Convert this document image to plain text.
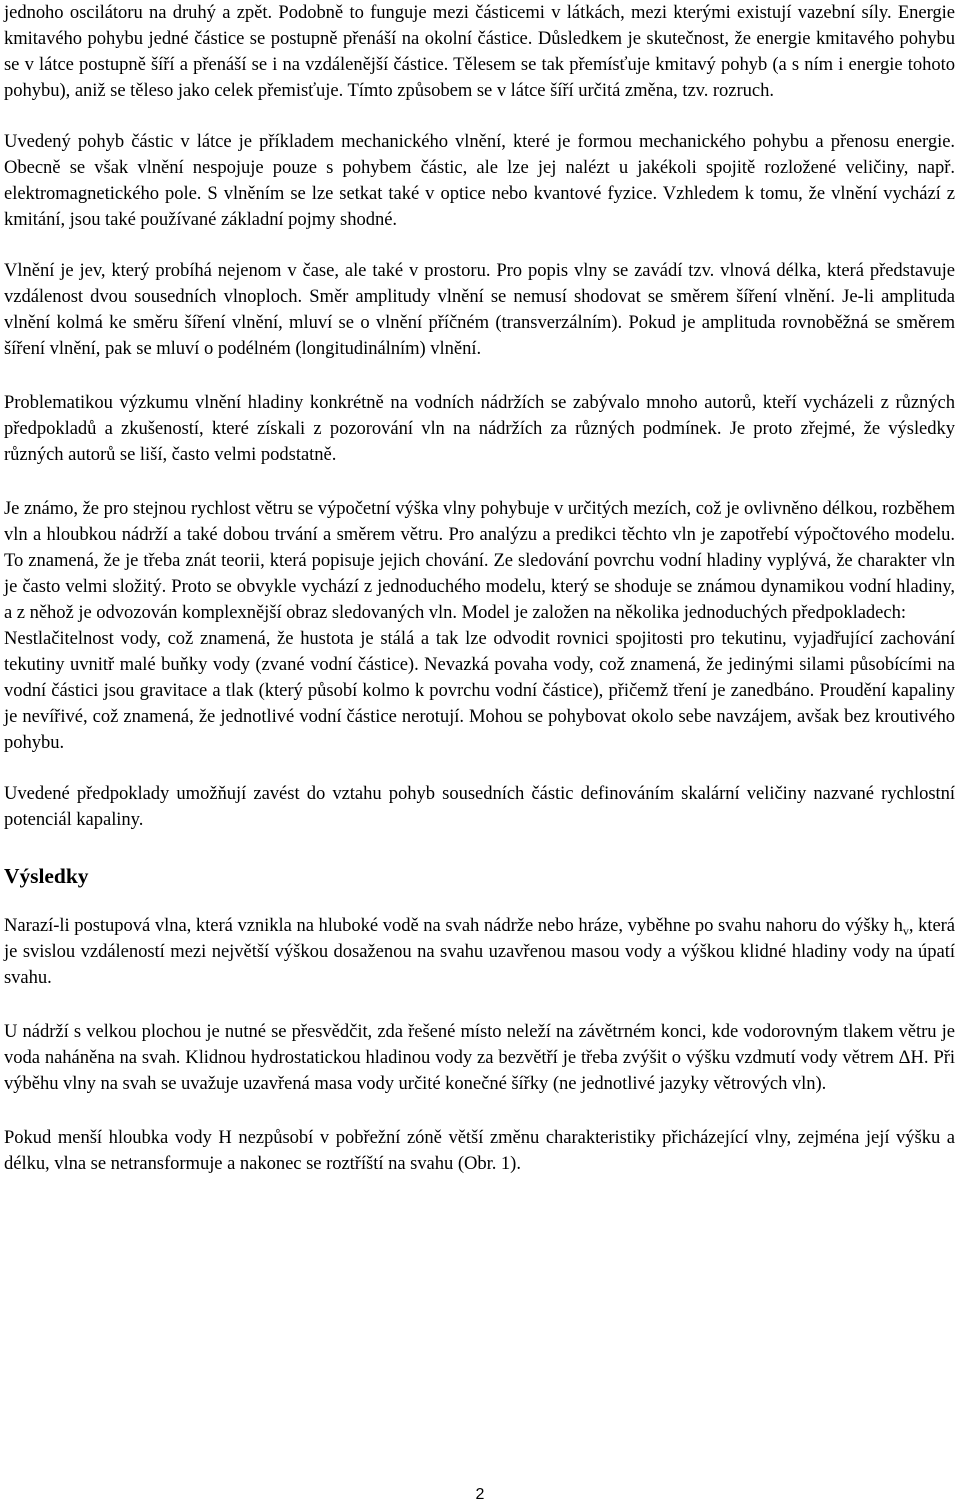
jednoho oscilátoru na druhý a zpět. Podobně to funguje mezi částicemi v látkách, mezi kterými existují vazební síly. Energie kmitavého pohybu jedné částice se postupně přenáší na okolní částice. Důsledkem je skutečnost, že energie kmitavého pohybu se v látce postupně šíří a přenáší se i na vzdálenější částice. Tělesem se tak přemísťuje kmitavý pohyb (a s ním i energie tohoto pohybu), aniž se těleso jako celek přemisťuje. Tímto způsobem se v látce šíří určitá změna, tzv. rozruch.

Uvedený pohyb částic v látce je příkladem mechanického vlnění, které je formou mechanického pohybu a přenosu energie. Obecně se však vlnění nespojuje pouze s pohybem částic, ale lze jej nalézt u jakékoli spojitě rozložené veličiny, např. elektromagnetického pole. S vlněním se lze setkat také v optice nebo kvantové fyzice. Vzhledem k tomu, že vlnění vychází z kmitání, jsou také používané základní pojmy shodné.

Vlnění je jev, který probíhá nejenom v čase, ale také v prostoru. Pro popis vlny se zavádí tzv. vlnová délka, která představuje vzdálenost dvou sousedních vlnoploch. Směr amplitudy vlnění se nemusí shodovat se směrem šíření vlnění. Je-li amplituda vlnění kolmá ke směru šíření vlnění, mluví se o vlnění příčném (transverzálním). Pokud je amplituda rovnoběžná se směrem šíření vlnění, pak se mluví o podélném (longitudinálním) vlnění.

Problematikou výzkumu vlnění hladiny konkrétně na vodních nádržích se zabývalo mnoho autorů, kteří vycházeli z různých předpokladů a zkušeností, které získali z pozorování vln na nádržích za různých podmínek. Je proto zřejmé, že výsledky různých autorů se liší, často velmi podstatně.

Je známo, že pro stejnou rychlost větru se výpočetní výška vlny pohybuje v určitých mezích, což je ovlivněno délkou, rozběhem vln a hloubkou nádrží a také dobou trvání a směrem větru. Pro analýzu a predikci těchto vln je zapotřebí výpočtového modelu. To znamená, že je třeba znát teorii, která popisuje jejich chování. Ze sledování povrchu vodní hladiny vyplývá, že charakter vln je často velmi složitý. Proto se obvykle vychází z jednoduchého modelu, který se shoduje se známou dynamikou vodní hladiny, a z něhož je odvozován komplexnější obraz sledovaných vln. Model je založen na několika jednoduchých předpokladech:

Nestlačitelnost vody, což znamená, že hustota je stálá a tak lze odvodit rovnici spojitosti pro tekutinu, vyjadřující zachování tekutiny uvnitř malé buňky vody (zvané vodní částice). Nevazká povaha vody, což znamená, že jedinými silami působícími na vodní částici jsou gravitace a tlak (který působí kolmo k povrchu vodní částice), přičemž tření je zanedbáno. Proudění kapaliny je nevířivé, což znamená, že jednotlivé vodní částice nerotují. Mohou se pohybovat okolo sebe navzájem, avšak bez kroutivého pohybu.

Uvedené předpoklady umožňují zavést do vztahu pohyb sousedních částic definováním skalární veličiny nazvané rychlostní potenciál kapaliny.

Výsledky

Narazí-li postupová vlna, která vznikla na hluboké vodě na svah nádrže nebo hráze, vyběhne po svahu nahoru do výšky $h_v$, která je svislou vzdáleností mezi největší výškou dosaženou na svahu uzavřenou masou vody a výškou klidné hladiny vody na úpatí svahu.

U nádrží s velkou plochou je nutné se přesvědčit, zda řešené místo neleží na závětrném konci, kde vodorovným tlakem větru je voda naháněna na svah. Klidnou hydrostatickou hladinou vody za bezvětří je třeba zvýšit o výšku vzdmutí vody větrem ΔH. Při výběhu vlny na svah se uvažuje uzavřená masa vody určité konečné šířky (ne jednotlivé jazyky větrových vln).

Pokud menší hloubka vody H nezpůsobí v pobřežní zóně větší změnu charakteristiky přicházející vlny, zejména její výšku a délku, vlna se netransformuje a nakonec se roztříští na svahu (Obr. 1).

2
